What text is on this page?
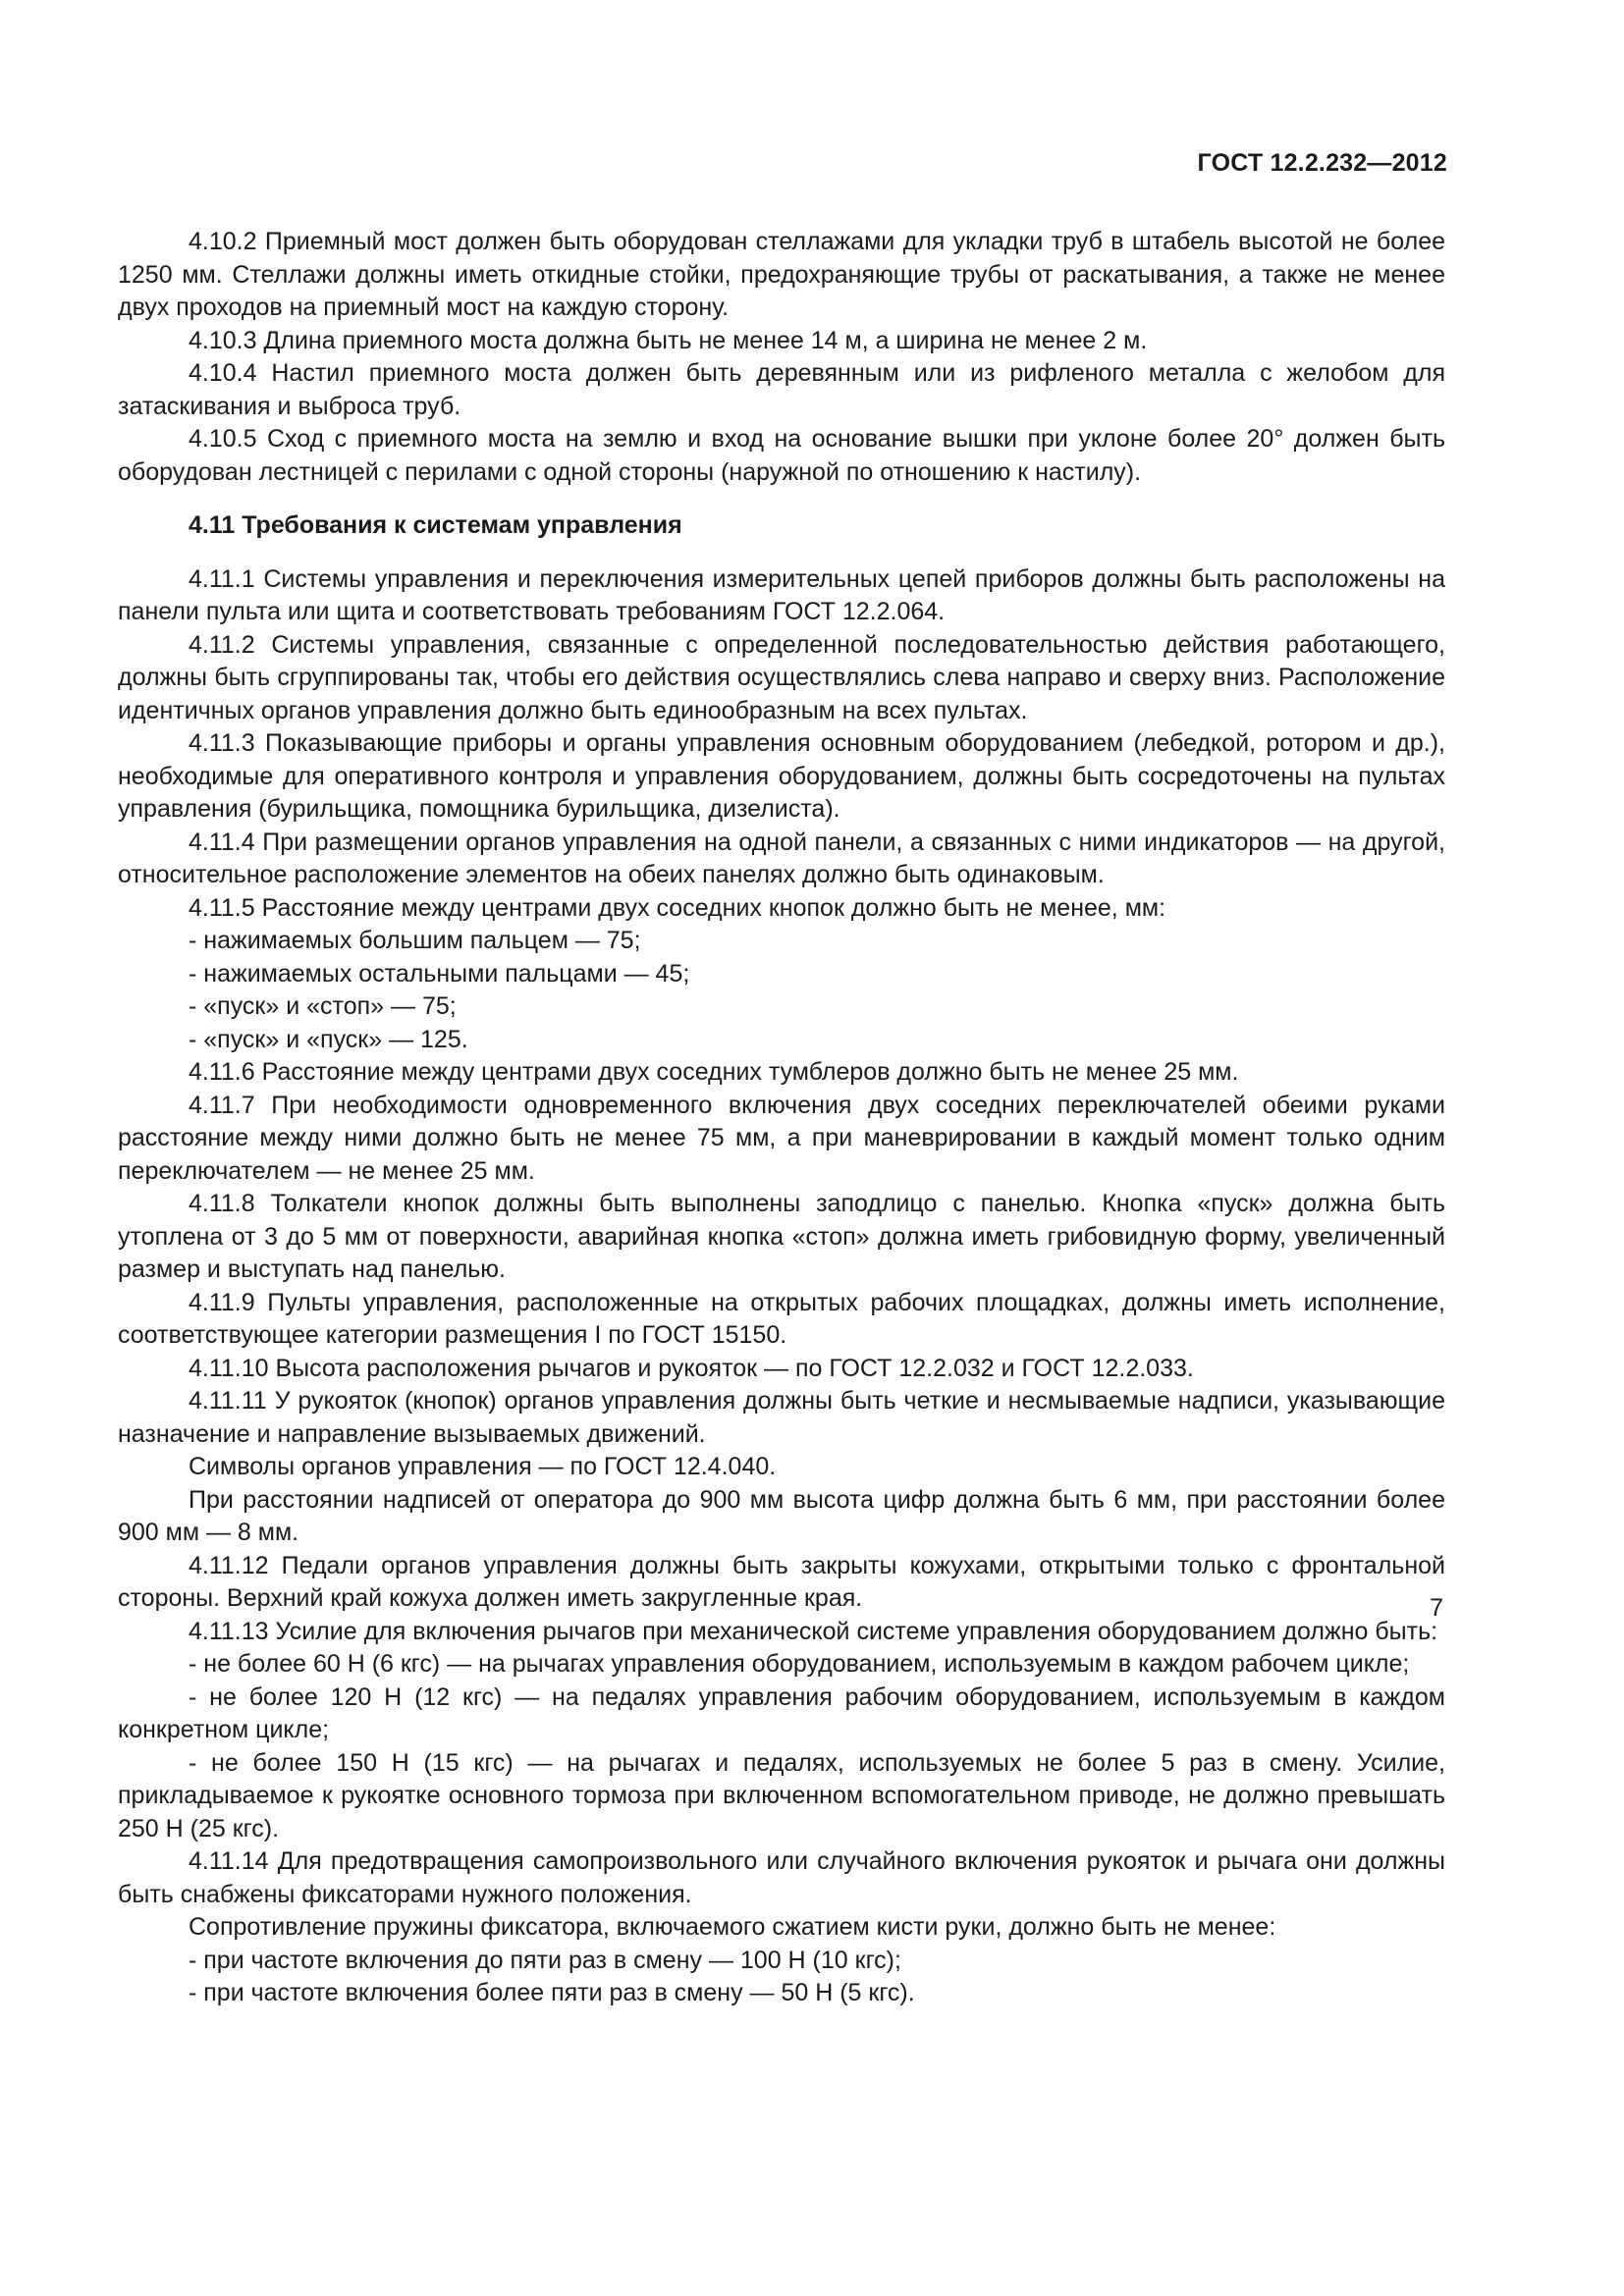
ГОСТ 12.2.232—2012

4.10.2 Приемный мост должен быть оборудован стеллажами для укладки труб в штабель высотой не более 1250 мм. Стеллажи должны иметь откидные стойки, предохраняющие трубы от раскатывания, а также не менее двух проходов на приемный мост на каждую сторону.

4.10.3 Длина приемного моста должна быть не менее 14 м, а ширина не менее 2 м.

4.10.4 Настил приемного моста должен быть деревянным или из рифленого металла с желобом для затаскивания и выброса труб.

4.10.5 Сход с приемного моста на землю и вход на основание вышки при уклоне более 20° должен быть оборудован лестницей с перилами с одной стороны (наружной по отношению к настилу).

4.11 Требования к системам управления

4.11.1 Системы управления и переключения измерительных цепей приборов должны быть расположены на панели пульта или щита и соответствовать требованиям ГОСТ 12.2.064.

4.11.2 Системы управления, связанные с определенной последовательностью действия работающего, должны быть сгруппированы так, чтобы его действия осуществлялись слева направо и сверху вниз. Расположение идентичных органов управления должно быть единообразным на всех пультах.

4.11.3 Показывающие приборы и органы управления основным оборудованием (лебедкой, ротором и др.), необходимые для оперативного контроля и управления оборудованием, должны быть сосредоточены на пультах управления (бурильщика, помощника бурильщика, дизелиста).

4.11.4 При размещении органов управления на одной панели, а связанных с ними индикаторов — на другой, относительное расположение элементов на обеих панелях должно быть одинаковым.

4.11.5 Расстояние между центрами двух соседних кнопок должно быть не менее, мм:

- нажимаемых большим пальцем — 75;

- нажимаемых остальными пальцами — 45;

- «пуск» и «стоп» — 75;

- «пуск» и «пуск» — 125.

4.11.6 Расстояние между центрами двух соседних тумблеров должно быть не менее 25 мм.

4.11.7 При необходимости одновременного включения двух соседних переключателей обеими руками расстояние между ними должно быть не менее 75 мм, а при маневрировании в каждый момент только одним переключателем — не менее 25 мм.

4.11.8 Толкатели кнопок должны быть выполнены заподлицо с панелью. Кнопка «пуск» должна быть утоплена от 3 до 5 мм от поверхности, аварийная кнопка «стоп» должна иметь грибовидную форму, увеличенный размер и выступать над панелью.

4.11.9 Пульты управления, расположенные на открытых рабочих площадках, должны иметь исполнение, соответствующее категории размещения I по ГОСТ 15150.

4.11.10 Высота расположения рычагов и рукояток — по ГОСТ 12.2.032 и ГОСТ 12.2.033.

4.11.11 У рукояток (кнопок) органов управления должны быть четкие и несмываемые надписи, указывающие назначение и направление вызываемых движений.

Символы органов управления — по ГОСТ 12.4.040.

При расстоянии надписей от оператора до 900 мм высота цифр должна быть 6 мм, при расстоянии более 900 мм — 8 мм.

4.11.12 Педали органов управления должны быть закрыты кожухами, открытыми только с фронтальной стороны. Верхний край кожуха должен иметь закругленные края.

4.11.13 Усилие для включения рычагов при механической системе управления оборудованием должно быть:

- не более 60 Н (6 кгс) — на рычагах управления оборудованием, используемым в каждом рабочем цикле;

- не более 120 Н (12 кгс) — на педалях управления рабочим оборудованием, используемым в каждом конкретном цикле;

- не более 150 Н (15 кгс) — на рычагах и педалях, используемых не более 5 раз в смену. Усилие, прикладываемое к рукоятке основного тормоза при включенном вспомогательном приводе, не должно превышать 250 Н (25 кгс).

4.11.14 Для предотвращения самопроизвольного или случайного включения рукояток и рычага они должны быть снабжены фиксаторами нужного положения.

Сопротивление пружины фиксатора, включаемого сжатием кисти руки, должно быть не менее:

- при частоте включения до пяти раз в смену — 100 Н (10 кгс);

- при частоте включения более пяти раз в смену — 50 Н (5 кгс).

7
